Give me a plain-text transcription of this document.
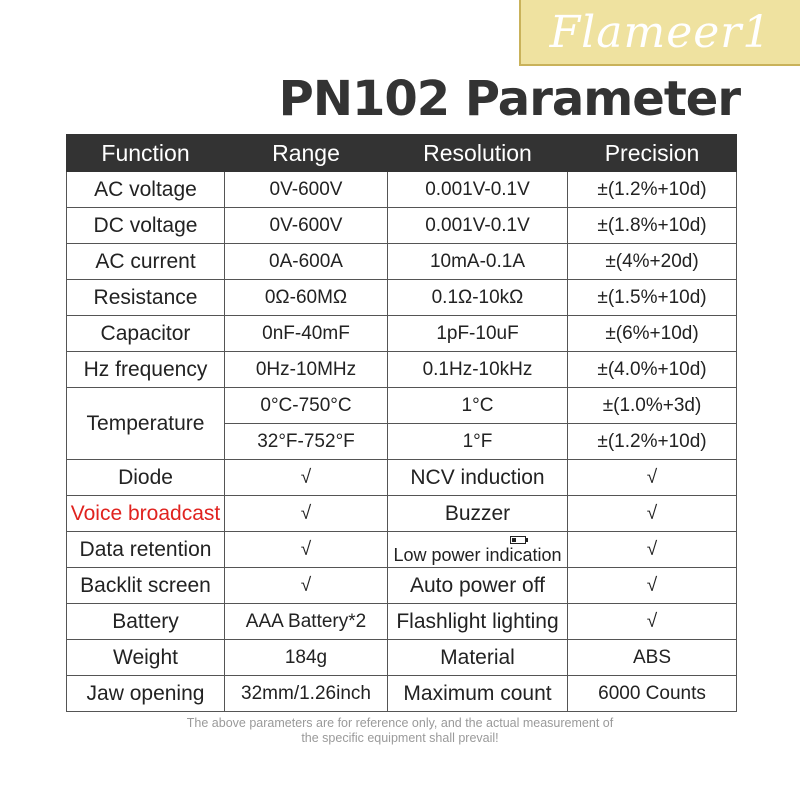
Flameer1
PN102 Parameter
Function	Range	Resolution	Precision
AC voltage	0V-600V	0.001V-0.1V	±(1.2%+10d)
DC voltage	0V-600V	0.001V-0.1V	±(1.8%+10d)
AC current	0A-600A	10mA-0.1A	±(4%+20d)
Resistance	0Ω-60MΩ	0.1Ω-10kΩ	±(1.5%+10d)
Capacitor	0nF-40mF	1pF-10uF	±(6%+10d)
Hz frequency	0Hz-10MHz	0.1Hz-10kHz	±(4.0%+10d)
Temperature	0°C-750°C	1°C	±(1.0%+3d)
	32°F-752°F	1°F	±(1.2%+10d)
Diode	√	NCV induction	√
Voice broadcast	√	Buzzer	√
Data retention	√	Low power indication	√
Backlit screen	√	Auto power off	√
Battery	AAA Battery*2	Flashlight lighting	√
Weight	184g	Material	ABS
Jaw opening	32mm/1.26inch	Maximum count	6000 Counts
The above parameters are for reference only, and the actual measurement of
the specific equipment shall prevail!
